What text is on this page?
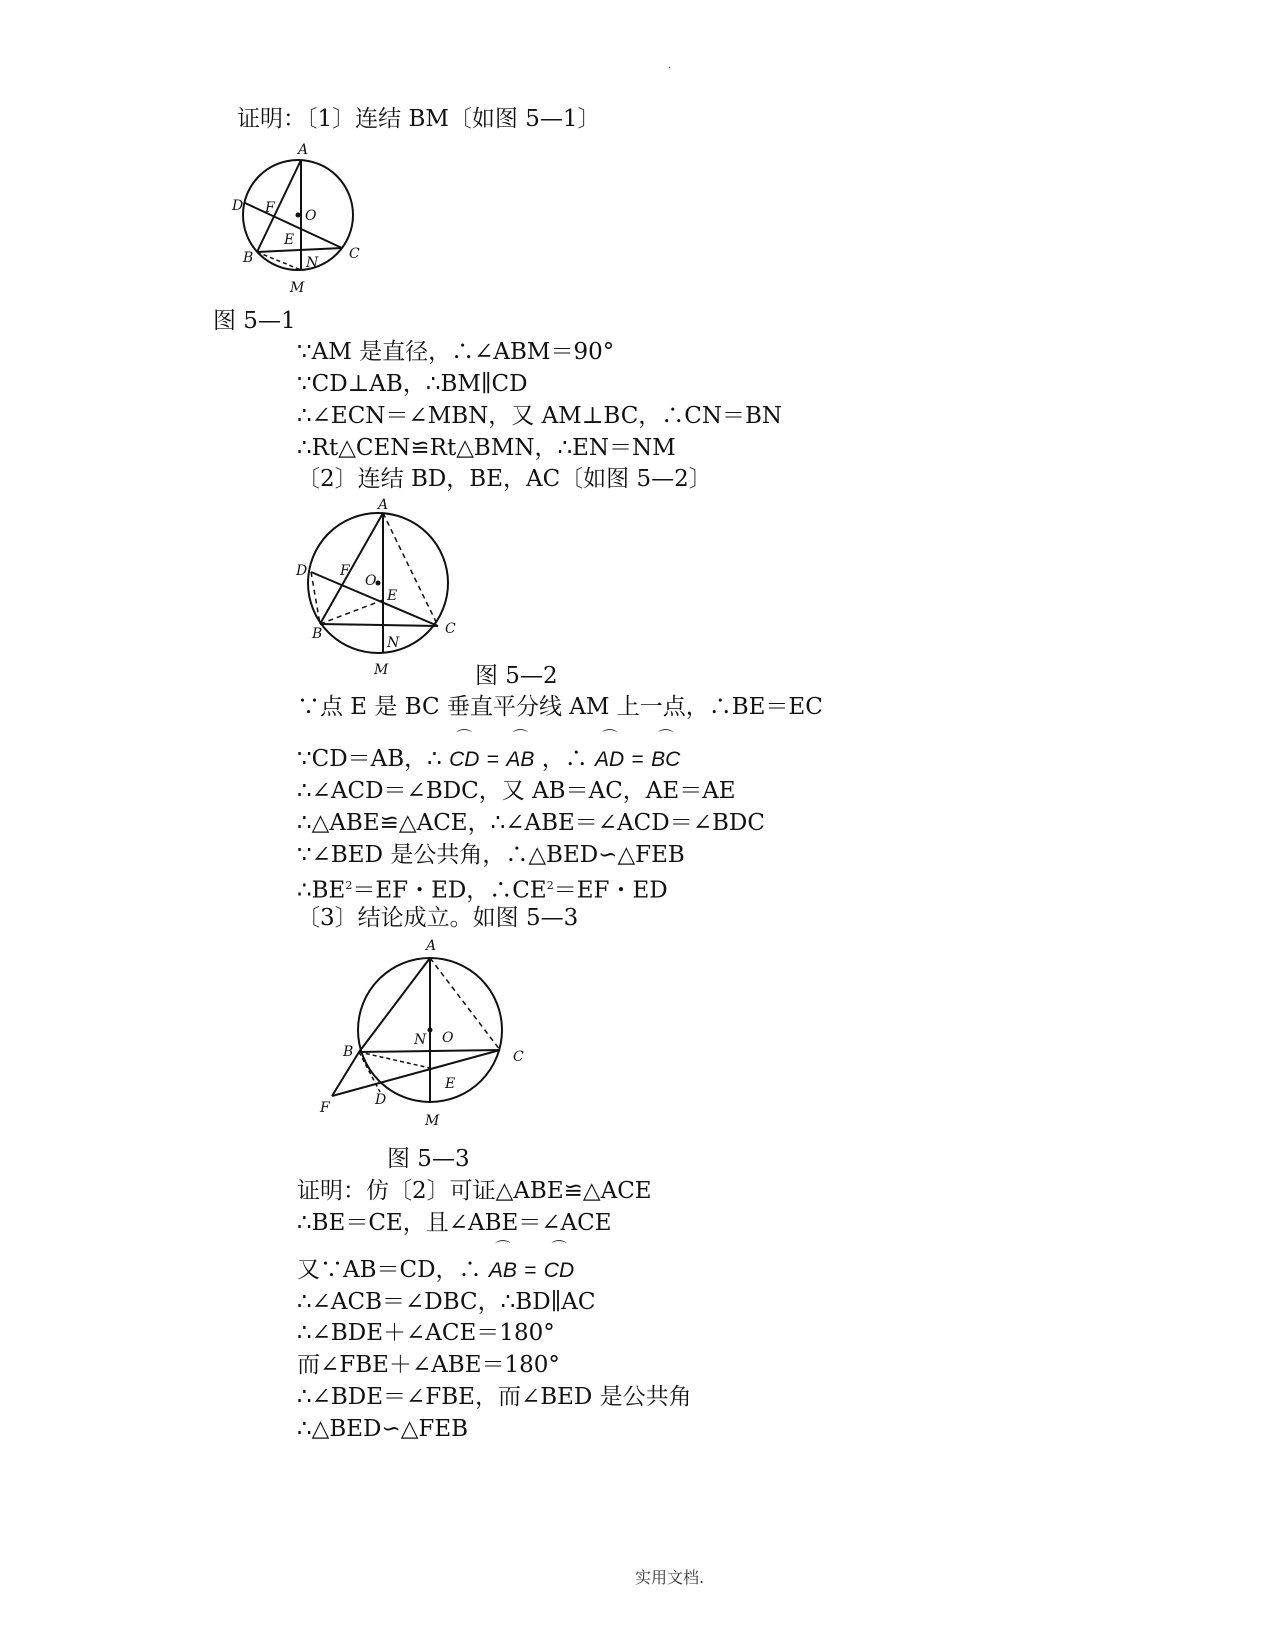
.
证明：〔1〕连结 BM〔如图 5—1〕
A
D F O
E
B	N
C
M
图 5—1
∵AM 是直径，∴∠ABM＝90°
∵CD⊥AB，∴BM∥CD
∴∠ECN＝∠MBN，又 AM⊥BC，∴CN＝BN
∴Rt△CEN≌Rt△BMN，∴EN＝NM
〔2〕连结 BD，BE，AC〔如图 5—2〕
A
D F
O
E
B
N
C
M	图 5—2
∵点 E 是 BC 垂直平分线 AM 上一点，∴BE＝EC
∵CD＝AB，∴
⌒
CD =
⌒
AB ，∴
⌒
AD =
⌒
BC
∴∠ACD＝∠BDC，又 AB＝AC，AE＝AE
∴△ABE≌△ACE，∴∠ABE＝∠ACD＝∠BDC
∵∠BED 是公共角，∴△BED∽△FEB
$\therefore BE^2=EF$・ED，$\therefore CE^2=EF$・ED
〔3〕结论成立。如图 5—3
A
N O
B	C
E
F	D
M
图 5—3
证明：仿〔2〕可证△ABE≌△ACE
∴BE＝CE，且∠ABE＝∠ACE
又∵AB＝CD，∴
⌒
AB =
⌒
CD
∴∠ACB＝∠DBC，∴BD∥AC
∴∠BDE＋∠ACE＝180°
而∠FBE＋∠ABE＝180°
∴∠BDE＝∠FBE，而∠BED 是公共角
∴△BED∽△FEB
实用文档.
